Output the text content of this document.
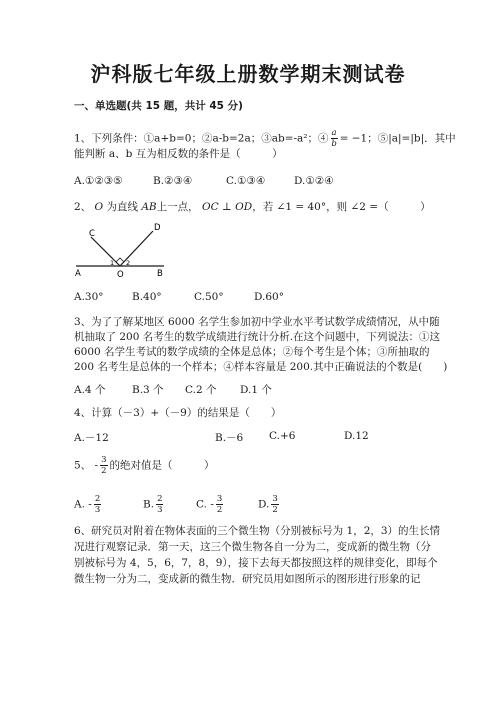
沪科版七年级上册数学期末测试卷
一、单选题(共 15 题，共计 45 分)
1、下列条件：①a+b=0；②a-b=2a；③ab=-a²；④ $\frac{a}{b} = -1$；⑤|a|=|b|．其中
能判断 a、b 互为相反数的条件是（　　　）
A.①②③⑤	B.②③④	C.①③④	D.①②④
2、 O 为直线 AB上一点， OC ⊥ OD，若 ∠1 = 40°，则 ∠2 =（　　　）
C
D
A	O	B
1 2
A.30°	B.40°	C.50°	D.60°
3、为了了解某地区 6000 名学生参加初中学业水平考试数学成绩情况，从中随
机抽取了 200 名考生的数学成绩进行统计分析.在这个问题中，下列说法：①这
6000 名学生考试的数学成绩的全体是总体；②每个考生是个体；③所抽取的
200 名考生是总体的一个样本；④样本容量是 200.其中正确说法的个数是(　　)
A.4 个	B.3 个 C.2 个 D.1 个
4、计算（－3）+（－9）的结果是（　　）
A.－12	B.－6 C.+6	D.12
5、 - $\frac{3}{2}$ 的绝对值是（　　　）
A. - $\frac{2}{3}$	B. $\frac{2}{3}$	C. - $\frac{3}{2}$	D. $\frac{3}{2}$
6、研究员对附着在物体表面的三个微生物（分别被标号为 1，2，3）的生长情
况进行观察记录．第一天，这三个微生物各自一分为二，变成新的微生物（分
别被标号为 4，5，6，7，8，9），接下去每天都按照这样的规律变化，即每个
微生物一分为二，变成新的微生物．研究员用如图所示的图形进行形象的记
